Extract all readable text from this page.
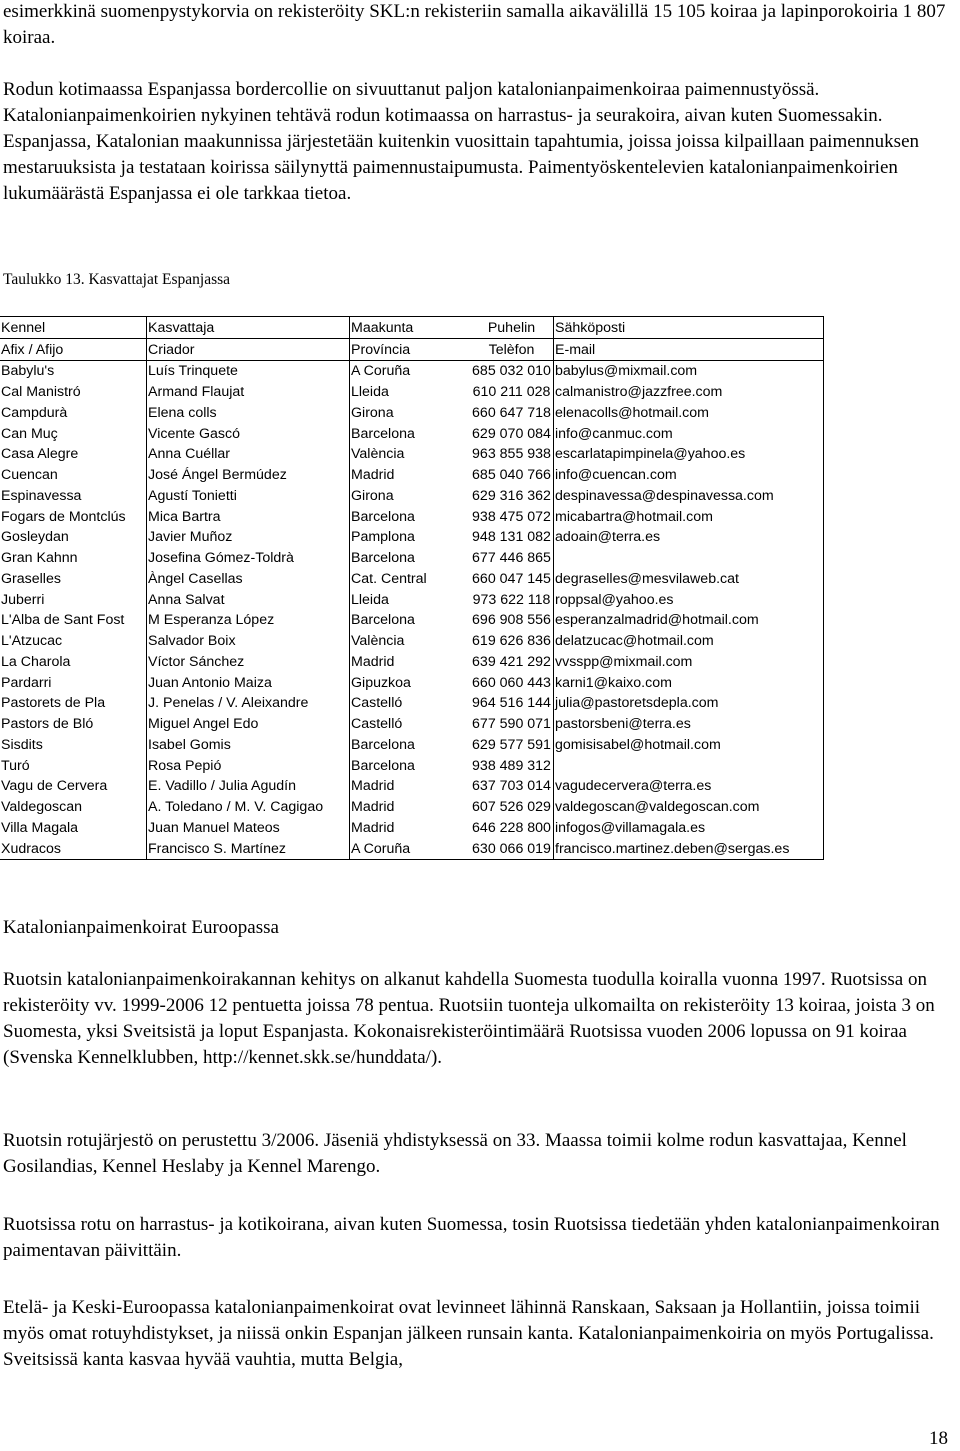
esimerkkinä suomenpystykorvia on rekisteröity SKL:n rekisteriin samalla aikavälillä 15 105 koiraa ja lapinporokoiria 1 807 koiraa.

Rodun kotimaassa Espanjassa bordercollie on sivuuttanut paljon katalonianpaimenkoiraa paimennustyössä. Katalonianpaimenkoirien nykyinen tehtävä rodun kotimaassa on harrastus- ja seurakoira, aivan kuten Suomessakin. Espanjassa, Katalonian maakunnissa järjestetään kuitenkin vuosittain tapahtumia, joissa joissa kilpaillaan paimennuksen mestaruuksista ja testataan koirissa säilynyttä paimennustaipumusta. Paimentyöskentelevien katalonianpaimenkoirien lukumäärästä Espanjassa ei ole tarkkaa tietoa.

Taulukko 13. Kasvattajat Espanjassa
Kennel	Kasvattaja	Maakunta	Puhelin	Sähköposti
Afix / Afijo	Criador	Província	Telèfon	E-mail
Babylu's	Luís Trinquete	A Coruña	685 032 010	babylus@mixmail.com
Cal Manistró	Armand Flaujat	Lleida	610 211 028	calmanistro@jazzfree.com
Campdurà	Elena colls	Girona	660 647 718	elenacolls@hotmail.com
Can Muç	Vicente Gascó	Barcelona	629 070 084	info@canmuc.com
Casa Alegre	Anna Cuéllar	València	963 855 938	escarlatapimpinela@yahoo.es
Cuencan	José Ángel Bermúdez	Madrid	685 040 766	info@cuencan.com
Espinavessa	Agustí Tonietti	Girona	629 316 362	despinavessa@despinavessa.com
Fogars de Montclús	Mica Bartra	Barcelona	938 475 072	micabartra@hotmail.com
Gosleydan	Javier Muñoz	Pamplona	948 131 082	adoain@terra.es
Gran Kahnn	Josefina Gómez-Toldrà	Barcelona	677 446 865	
Graselles	Àngel Casellas	Cat. Central	660 047 145	degraselles@mesvilaweb.cat
Juberri	Anna Salvat	Lleida	973 622 118	roppsal@yahoo.es
L'Alba de Sant Fost	M Esperanza López	Barcelona	696 908 556	esperanzalmadrid@hotmail.com
L'Atzucac	Salvador Boix	València	619 626 836	delatzucac@hotmail.com
La Charola	Víctor Sánchez	Madrid	639 421 292	vvsspp@mixmail.com
Pardarri	Juan Antonio Maiza	Gipuzkoa	660 060 443	karni1@kaixo.com
Pastorets de Pla	J. Penelas / V. Aleixandre	Castelló	964 516 144	julia@pastoretsdepla.com
Pastors de Bló	Miguel Angel Edo	Castelló	677 590 071	pastorsbeni@terra.es
Sisdits	Isabel Gomis	Barcelona	629 577 591	gomisisabel@hotmail.com
Turó	Rosa Pepió	Barcelona	938 489 312	
Vagu de Cervera	E. Vadillo / Julia Agudín	Madrid	637 703 014	vagudecervera@terra.es
Valdegoscan	A. Toledano / M. V. Cagigao	Madrid	607 526 029	valdegoscan@valdegoscan.com
Villa Magala	Juan Manuel Mateos	Madrid	646 228 800	infogos@villamagala.es
Xudracos	Francisco S. Martínez	A Coruña	630 066 019	francisco.martinez.deben@sergas.es
Katalonianpaimenkoirat Euroopassa

Ruotsin katalonianpaimenkoirakannan kehitys on alkanut kahdella Suomesta tuodulla koiralla vuonna 1997. Ruotsissa on rekisteröity vv. 1999-2006 12 pentuetta joissa 78 pentua. Ruotsiin tuonteja ulkomailta on rekisteröity 13 koiraa, joista 3 on Suomesta, yksi Sveitsistä ja loput Espanjasta. Kokonaisrekisteröintimäärä Ruotsissa vuoden 2006 lopussa on 91 koiraa (Svenska Kennelklubben, http://kennet.skk.se/hunddata/).

Ruotsin rotujärjestö on perustettu 3/2006. Jäseniä yhdistyksessä on 33. Maassa toimii kolme rodun kasvattajaa, Kennel Gosilandias, Kennel Heslaby ja Kennel Marengo.

Ruotsissa rotu on harrastus- ja kotikoirana, aivan kuten Suomessa, tosin Ruotsissa tiedetään yhden katalonianpaimenkoiran paimentavan päivittäin.

Etelä- ja Keski-Euroopassa katalonianpaimenkoirat ovat levinneet lähinnä Ranskaan, Saksaan ja Hollantiin, joissa toimii myös omat rotuyhdistykset, ja niissä onkin Espanjan jälkeen runsain kanta. Katalonianpaimenkoiria on myös Portugalissa. Sveitsissä kanta kasvaa hyvää vauhtia, mutta Belgia,

18
